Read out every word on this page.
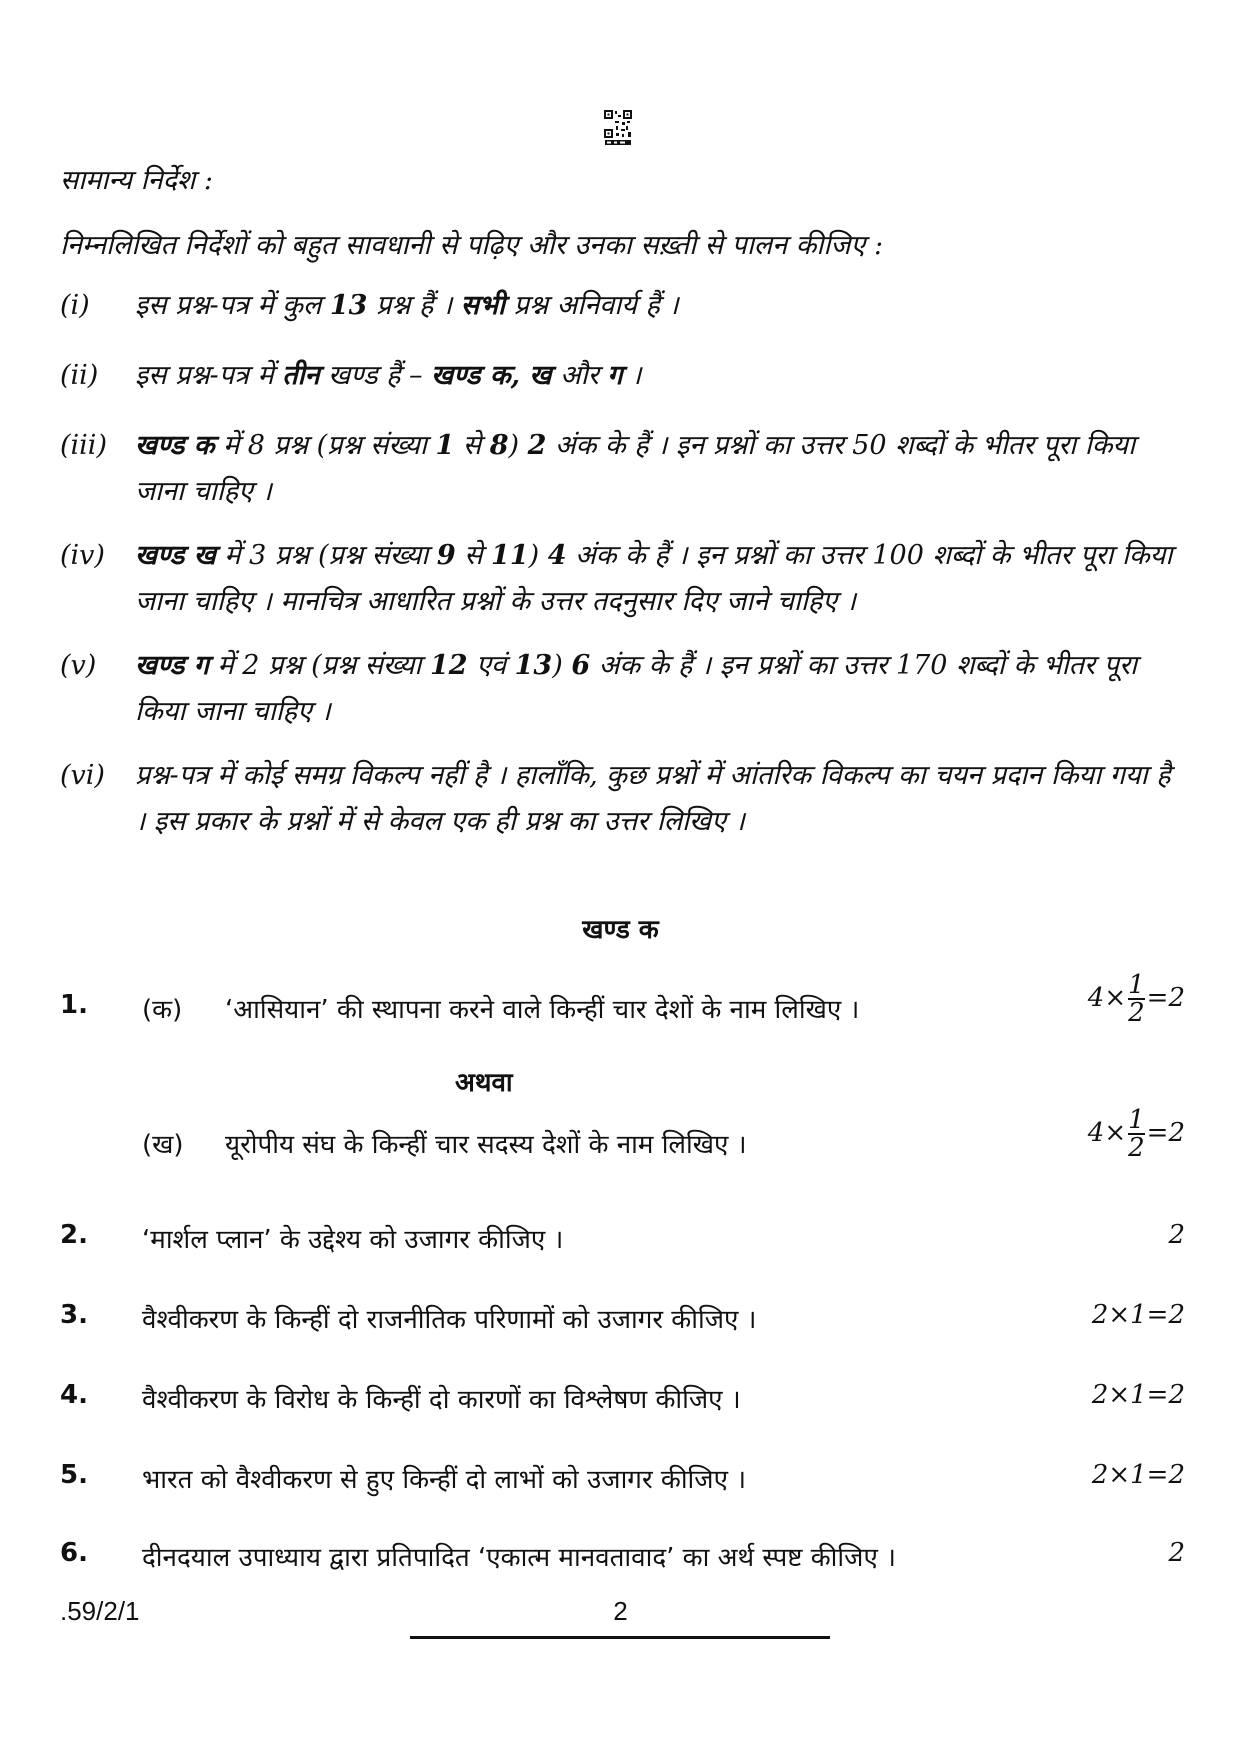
सामान्य निर्देश :
निम्नलिखित निर्देशों को बहुत सावधानी से पढ़िए और उनका सख़्ती से पालन कीजिए :
(i)	इस प्रश्न-पत्र में कुल 13 प्रश्न हैं । सभी प्रश्न अनिवार्य हैं ।
(ii)	इस प्रश्न-पत्र में तीन खण्ड हैं – खण्ड क, ख और ग ।
(iii)	खण्ड क में 8 प्रश्न (प्रश्न संख्या 1 से 8) 2 अंक के हैं । इन प्रश्नों का उत्तर 50 शब्दों के भीतर पूरा किया जाना चाहिए ।
(iv)	खण्ड ख में 3 प्रश्न (प्रश्न संख्या 9 से 11) 4 अंक के हैं । इन प्रश्नों का उत्तर 100 शब्दों के भीतर पूरा किया जाना चाहिए । मानचित्र आधारित प्रश्नों के उत्तर तदनुसार दिए जाने चाहिए ।
(v)	खण्ड ग में 2 प्रश्न (प्रश्न संख्या 12 एवं 13) 6 अंक के हैं । इन प्रश्नों का उत्तर 170 शब्दों के भीतर पूरा किया जाना चाहिए ।
(vi)	प्रश्न-पत्र में कोई समग्र विकल्प नहीं है । हालाँकि, कुछ प्रश्नों में आंतरिक विकल्प का चयन प्रदान किया गया है । इस प्रकार के प्रश्नों में से केवल एक ही प्रश्न का उत्तर लिखिए ।
खण्ड क
1. (क) ‘आसियान’ की स्थापना करने वाले किन्हीं चार देशों के नाम लिखिए ।	$4\times \frac{1}{2} =2$
अथवा
(ख) यूरोपीय संघ के किन्हीं चार सदस्य देशों के नाम लिखिए ।	$4\times \frac{1}{2} =2$
2. ‘मार्शल प्लान’ के उद्देश्य को उजागर कीजिए ।	2
3. वैश्वीकरण के किन्हीं दो राजनीतिक परिणामों को उजागर कीजिए ।	2×1=2
4. वैश्वीकरण के विरोध के किन्हीं दो कारणों का विश्लेषण कीजिए ।	2×1=2
5. भारत को वैश्वीकरण से हुए किन्हीं दो लाभों को उजागर कीजिए ।	2×1=2
6. दीनदयाल उपाध्याय द्वारा प्रतिपादित ‘एकात्म मानवतावाद’ का अर्थ स्पष्ट कीजिए ।	2
.59/2/1	2
